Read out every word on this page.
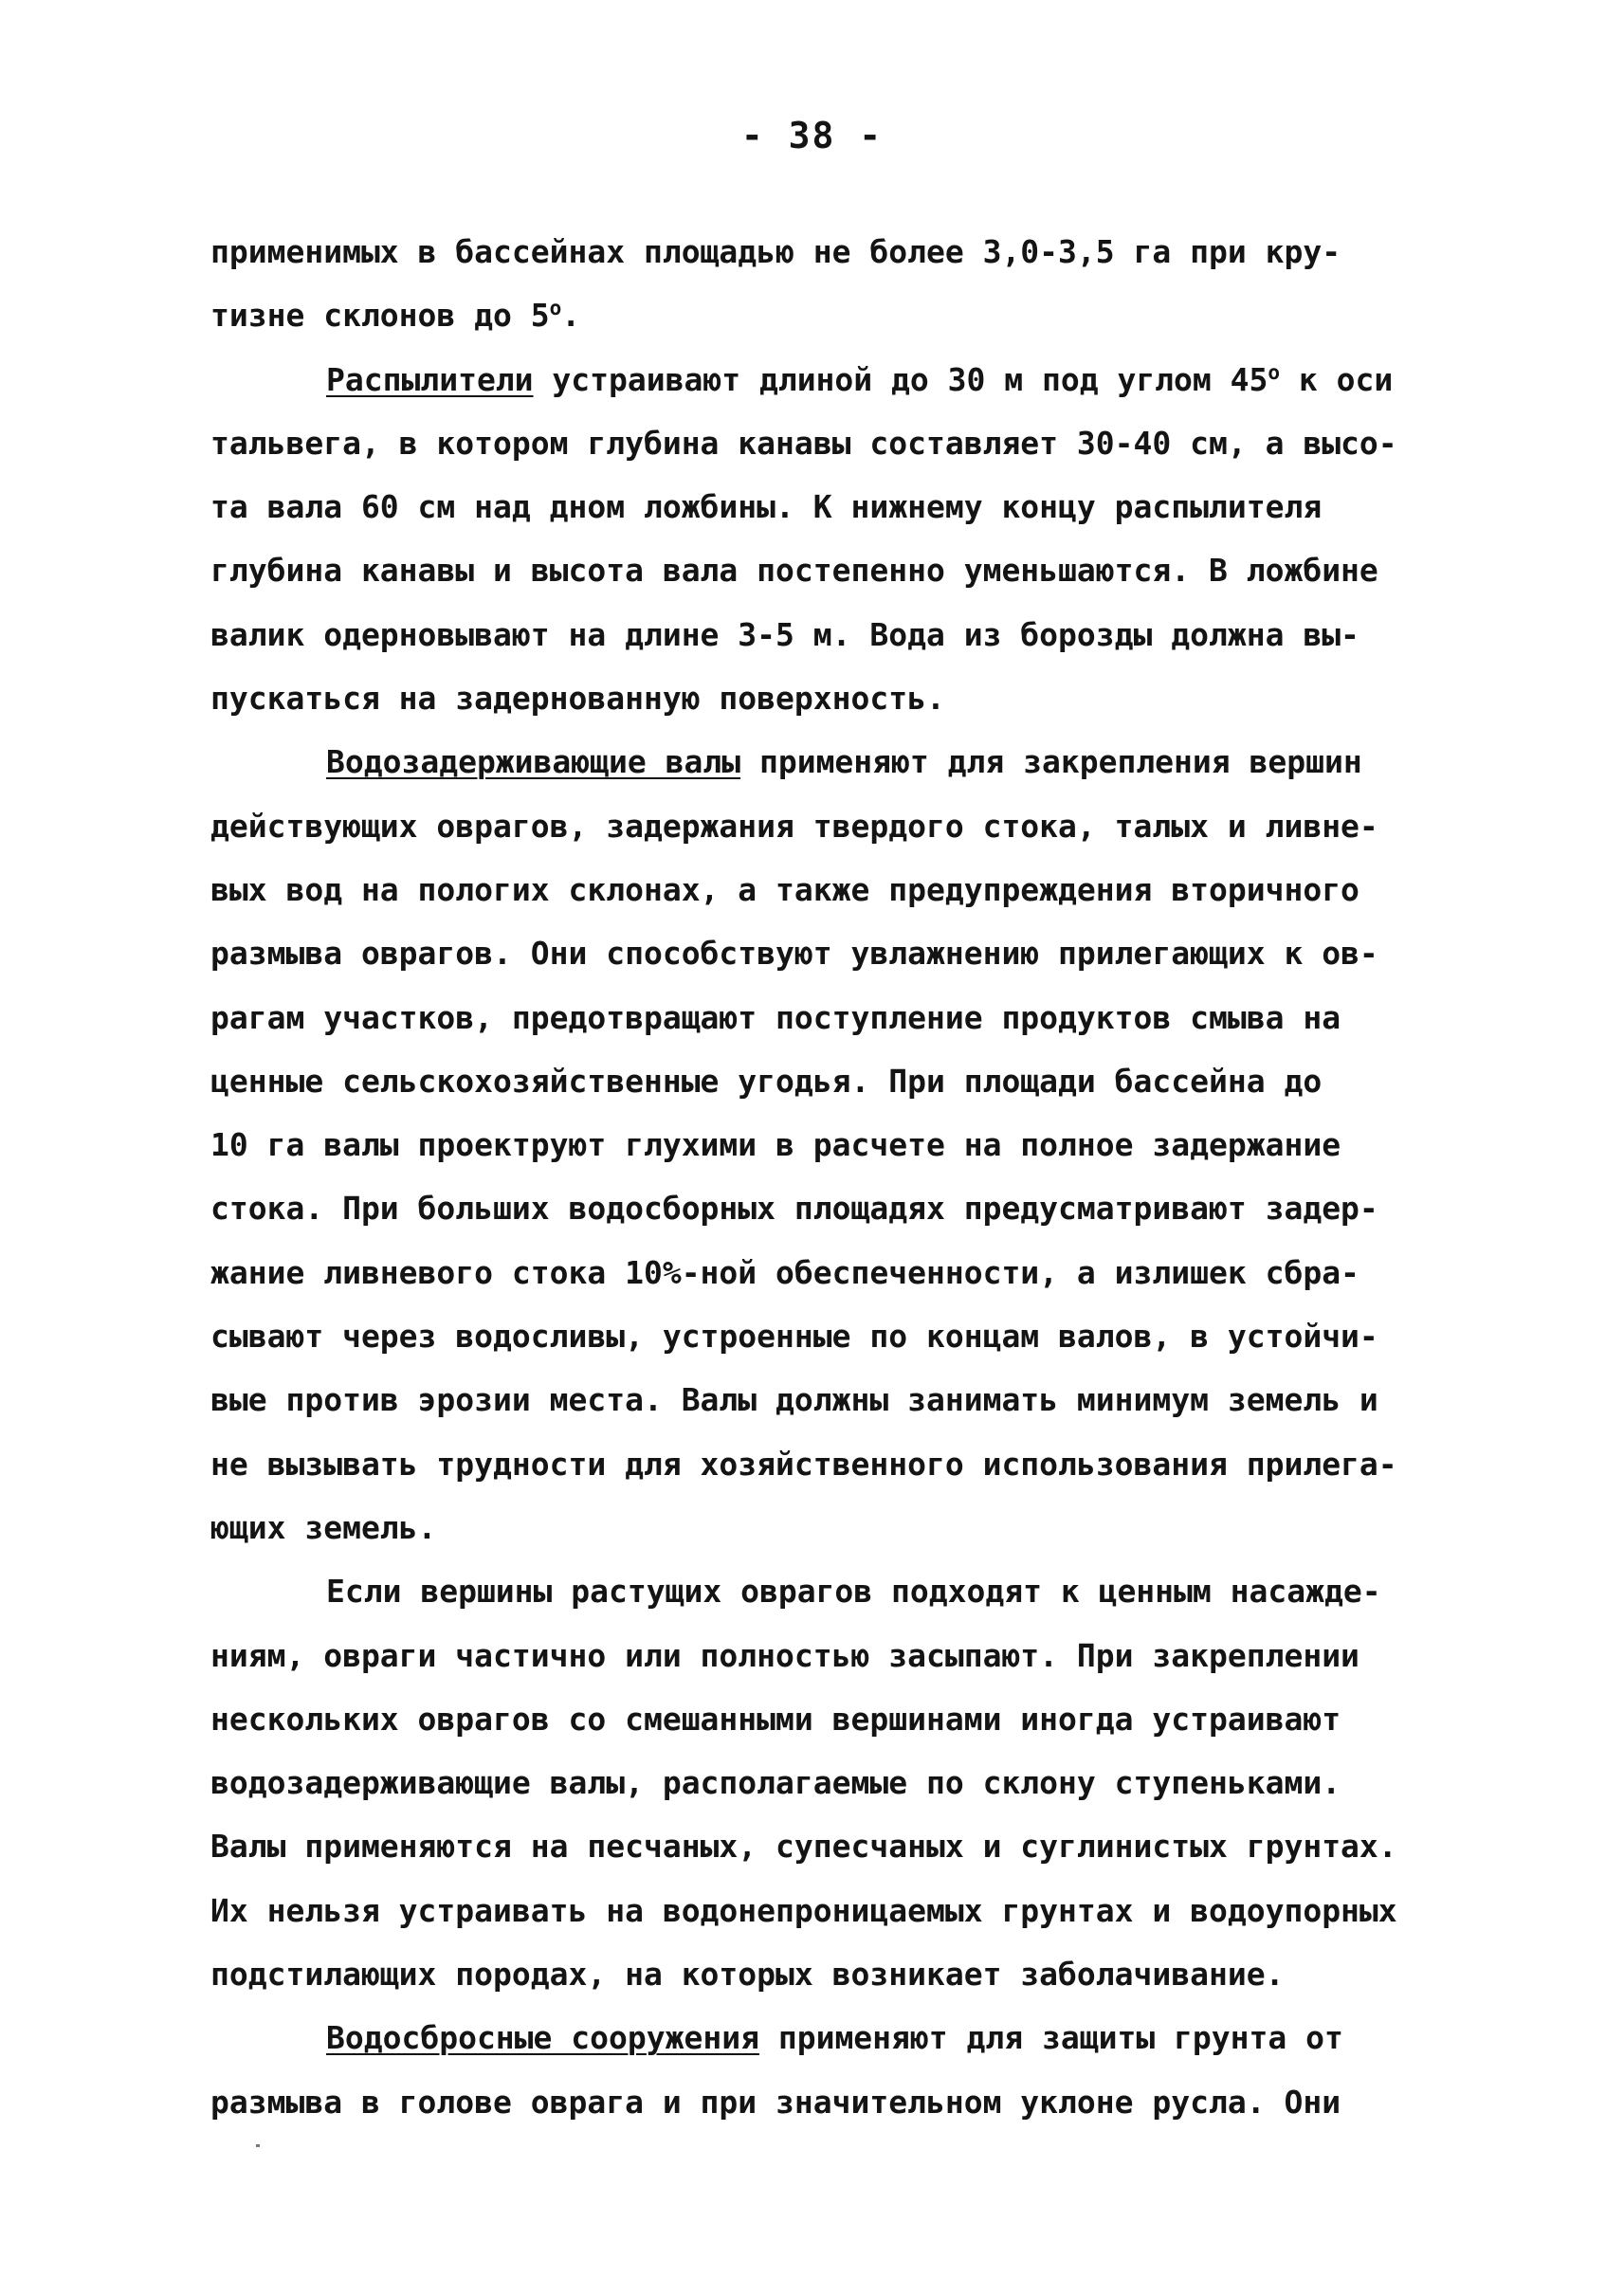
- 38 -
применимых в бассейнах площадью не более 3,0-3,5 га при кру-
тизне склонов до $5^о$.
Распылители устраивают длиной до 30 м под углом $45^о$ к оси
тальвега, в котором глубина канавы составляет 30-40 см, а высо-
та вала 60 см над дном ложбины. К нижнему концу распылителя
глубина канавы и высота вала постепенно уменьшаются. В ложбине
валик одерновывают на длине 3-5 м. Вода из борозды должна вы-
пускаться на задернованную поверхность.
Водозадерживающие валы применяют для закрепления вершин
действующих оврагов, задержания твердого стока, талых и ливне-
вых вод на пологих склонах, а также предупреждения вторичного
размыва оврагов. Они способствуют увлажнению прилегающих к ов-
рагам участков, предотвращают поступление продуктов смыва на
ценные сельскохозяйственные угодья. При площади бассейна до
10 га валы проектруют глухими в расчете на полное задержание
стока. При больших водосборных площадях предусматривают задер-
жание ливневого стока 10%-ной обеспеченности, а излишек сбра-
сывают через водосливы, устроенные по концам валов, в устойчи-
вые против эрозии места. Валы должны занимать минимум земель и
не вызывать трудности для хозяйственного использования прилега-
ющих земель.
Если вершины растущих оврагов подходят к ценным насажде-
ниям, овраги частично или полностью засыпают. При закреплении
нескольких оврагов со смешанными вершинами иногда устраивают
водозадерживающие валы, располагаемые по склону ступеньками.
Валы применяются на песчаных, супесчаных и суглинистых грунтах.
Их нельзя устраивать на водонепроницаемых грунтах и водоупорных
подстилающих породах, на которых возникает заболачивание.
Водосбросные сооружения применяют для защиты грунта от
размыва в голове оврага и при значительном уклоне русла. Они
